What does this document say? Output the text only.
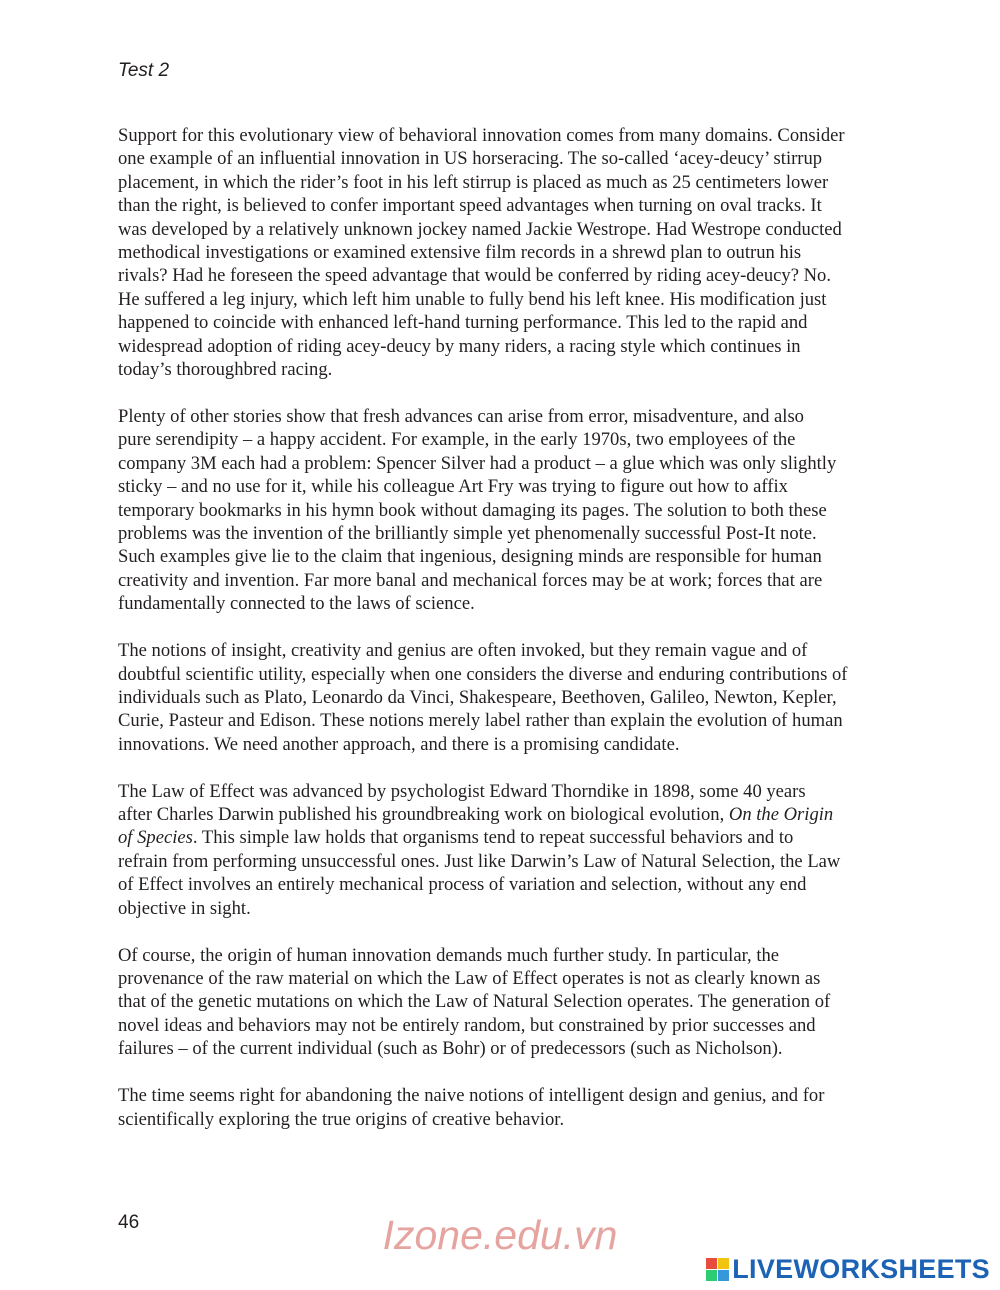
Test 2

Support for this evolutionary view of behavioral innovation comes from many domains. Consider
one example of an influential innovation in US horseracing. The so-called ‘acey-deucy’ stirrup
placement, in which the rider’s foot in his left stirrup is placed as much as 25 centimeters lower
than the right, is believed to confer important speed advantages when turning on oval tracks. It
was developed by a relatively unknown jockey named Jackie Westrope. Had Westrope conducted
methodical investigations or examined extensive film records in a shrewd plan to outrun his
rivals? Had he foreseen the speed advantage that would be conferred by riding acey-deucy? No.
He suffered a leg injury, which left him unable to fully bend his left knee. His modification just
happened to coincide with enhanced left-hand turning performance. This led to the rapid and
widespread adoption of riding acey-deucy by many riders, a racing style which continues in
today’s thoroughbred racing.

Plenty of other stories show that fresh advances can arise from error, misadventure, and also
pure serendipity – a happy accident. For example, in the early 1970s, two employees of the
company 3M each had a problem: Spencer Silver had a product – a glue which was only slightly
sticky – and no use for it, while his colleague Art Fry was trying to figure out how to affix
temporary bookmarks in his hymn book without damaging its pages. The solution to both these
problems was the invention of the brilliantly simple yet phenomenally successful Post-It note.
Such examples give lie to the claim that ingenious, designing minds are responsible for human
creativity and invention. Far more banal and mechanical forces may be at work; forces that are
fundamentally connected to the laws of science.

The notions of insight, creativity and genius are often invoked, but they remain vague and of
doubtful scientific utility, especially when one considers the diverse and enduring contributions of
individuals such as Plato, Leonardo da Vinci, Shakespeare, Beethoven, Galileo, Newton, Kepler,
Curie, Pasteur and Edison. These notions merely label rather than explain the evolution of human
innovations. We need another approach, and there is a promising candidate.

The Law of Effect was advanced by psychologist Edward Thorndike in 1898, some 40 years
after Charles Darwin published his groundbreaking work on biological evolution, On the Origin
of Species. This simple law holds that organisms tend to repeat successful behaviors and to
refrain from performing unsuccessful ones. Just like Darwin’s Law of Natural Selection, the Law
of Effect involves an entirely mechanical process of variation and selection, without any end
objective in sight.

Of course, the origin of human innovation demands much further study. In particular, the
provenance of the raw material on which the Law of Effect operates is not as clearly known as
that of the genetic mutations on which the Law of Natural Selection operates. The generation of
novel ideas and behaviors may not be entirely random, but constrained by prior successes and
failures – of the current individual (such as Bohr) or of predecessors (such as Nicholson).

The time seems right for abandoning the naive notions of intelligent design and genius, and for
scientifically exploring the true origins of creative behavior.

46	Izone.edu.vn
LIVEWORKSHEETS
